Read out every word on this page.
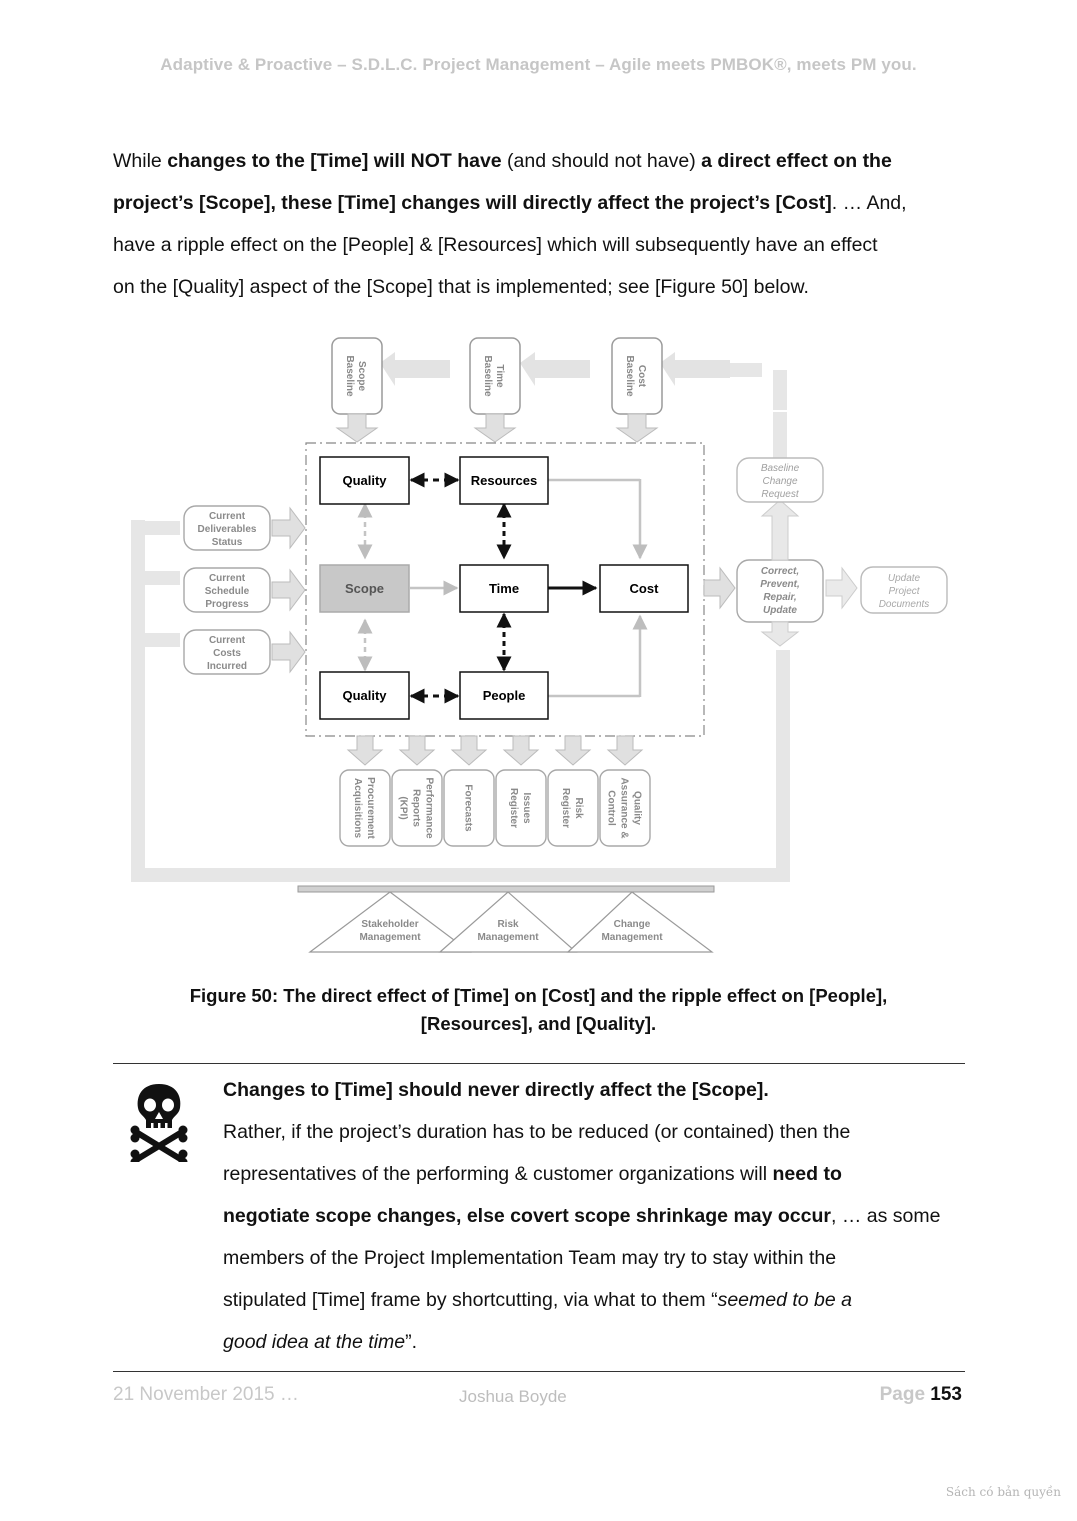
Adaptive & Proactive – S.D.L.C. Project Management – Agile meets PMBOK®, meets PM you.

While changes to the [Time] will NOT have (and should not have) a direct effect on the

project’s [Scope], these [Time] changes will directly affect the project’s [Cost]. … And,

have a ripple effect on the [People] & [Resources] which will subsequently have an effect

on the [Quality] aspect of the [Scope] that is implemented; see [Figure 50] below.

ScopeBaseline	TimeBaseline	CostBaseline
Quality	Resources
Scope	Time	Cost
Quality	People
Current Deliverables Status
Current Schedule Progress
Current Costs Incurred
Correct, Prevent, Repair, Update
Baseline Change Request
Update Project Documents
ProcurementAcquisitions	PerformanceReports(KPI)	Forecasts	IssuesRegister	RiskRegister	QualityAssurance &Control
Stakeholder Management
Risk Management
Change Management
Figure 50: The direct effect of [Time] on [Cost] and the ripple effect on [People],
[Resources], and [Quality].

Changes to [Time] should never directly affect the [Scope].

Rather, if the project’s duration has to be reduced (or contained) then the

representatives of the performing & customer organizations will need to

negotiate scope changes, else covert scope shrinkage may occur, … as some

members of the Project Implementation Team may try to stay within the

stipulated [Time] frame by shortcutting, via what to them “seemed to be a

good idea at the time”.

21 November 2015 …	Joshua Boyde	Page 153
Sách có bản quyền
